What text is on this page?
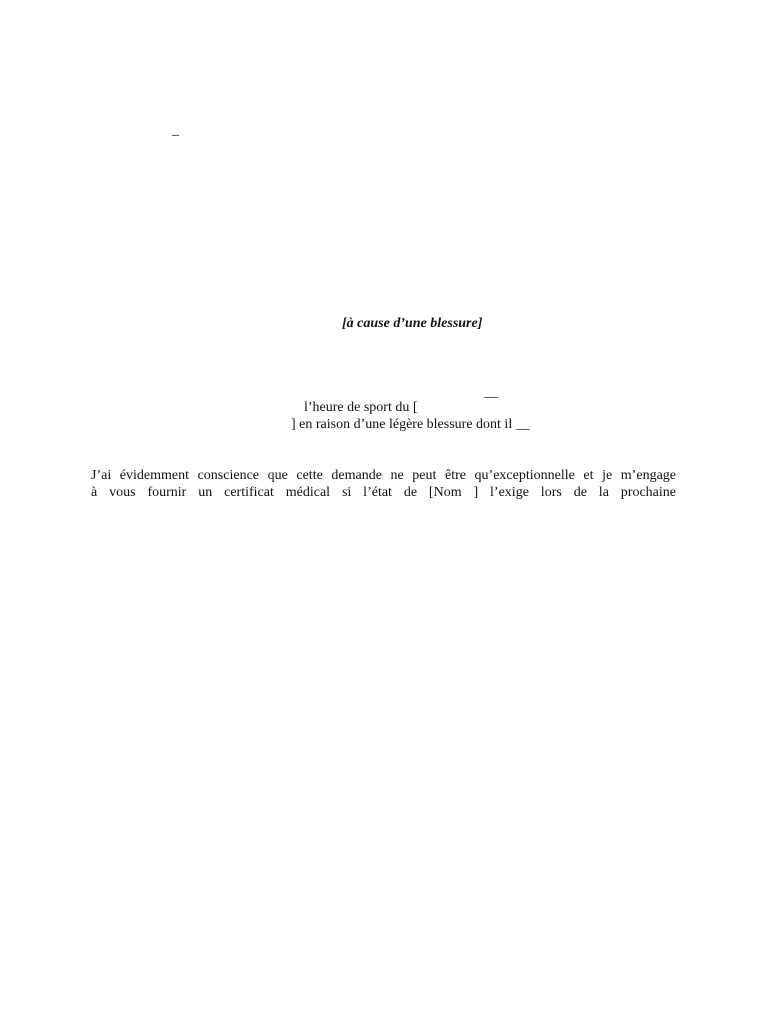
_
[à cause d’une blessure]
__
l’heure de sport du [
] en raison d’une légère blessure dont il __
J’ai évidemment conscience que cette demande ne peut être qu’exceptionnelle et je m’engage
à vous fournir un certificat médical si l’état de [Nom ] l’exige lors de la prochaine
